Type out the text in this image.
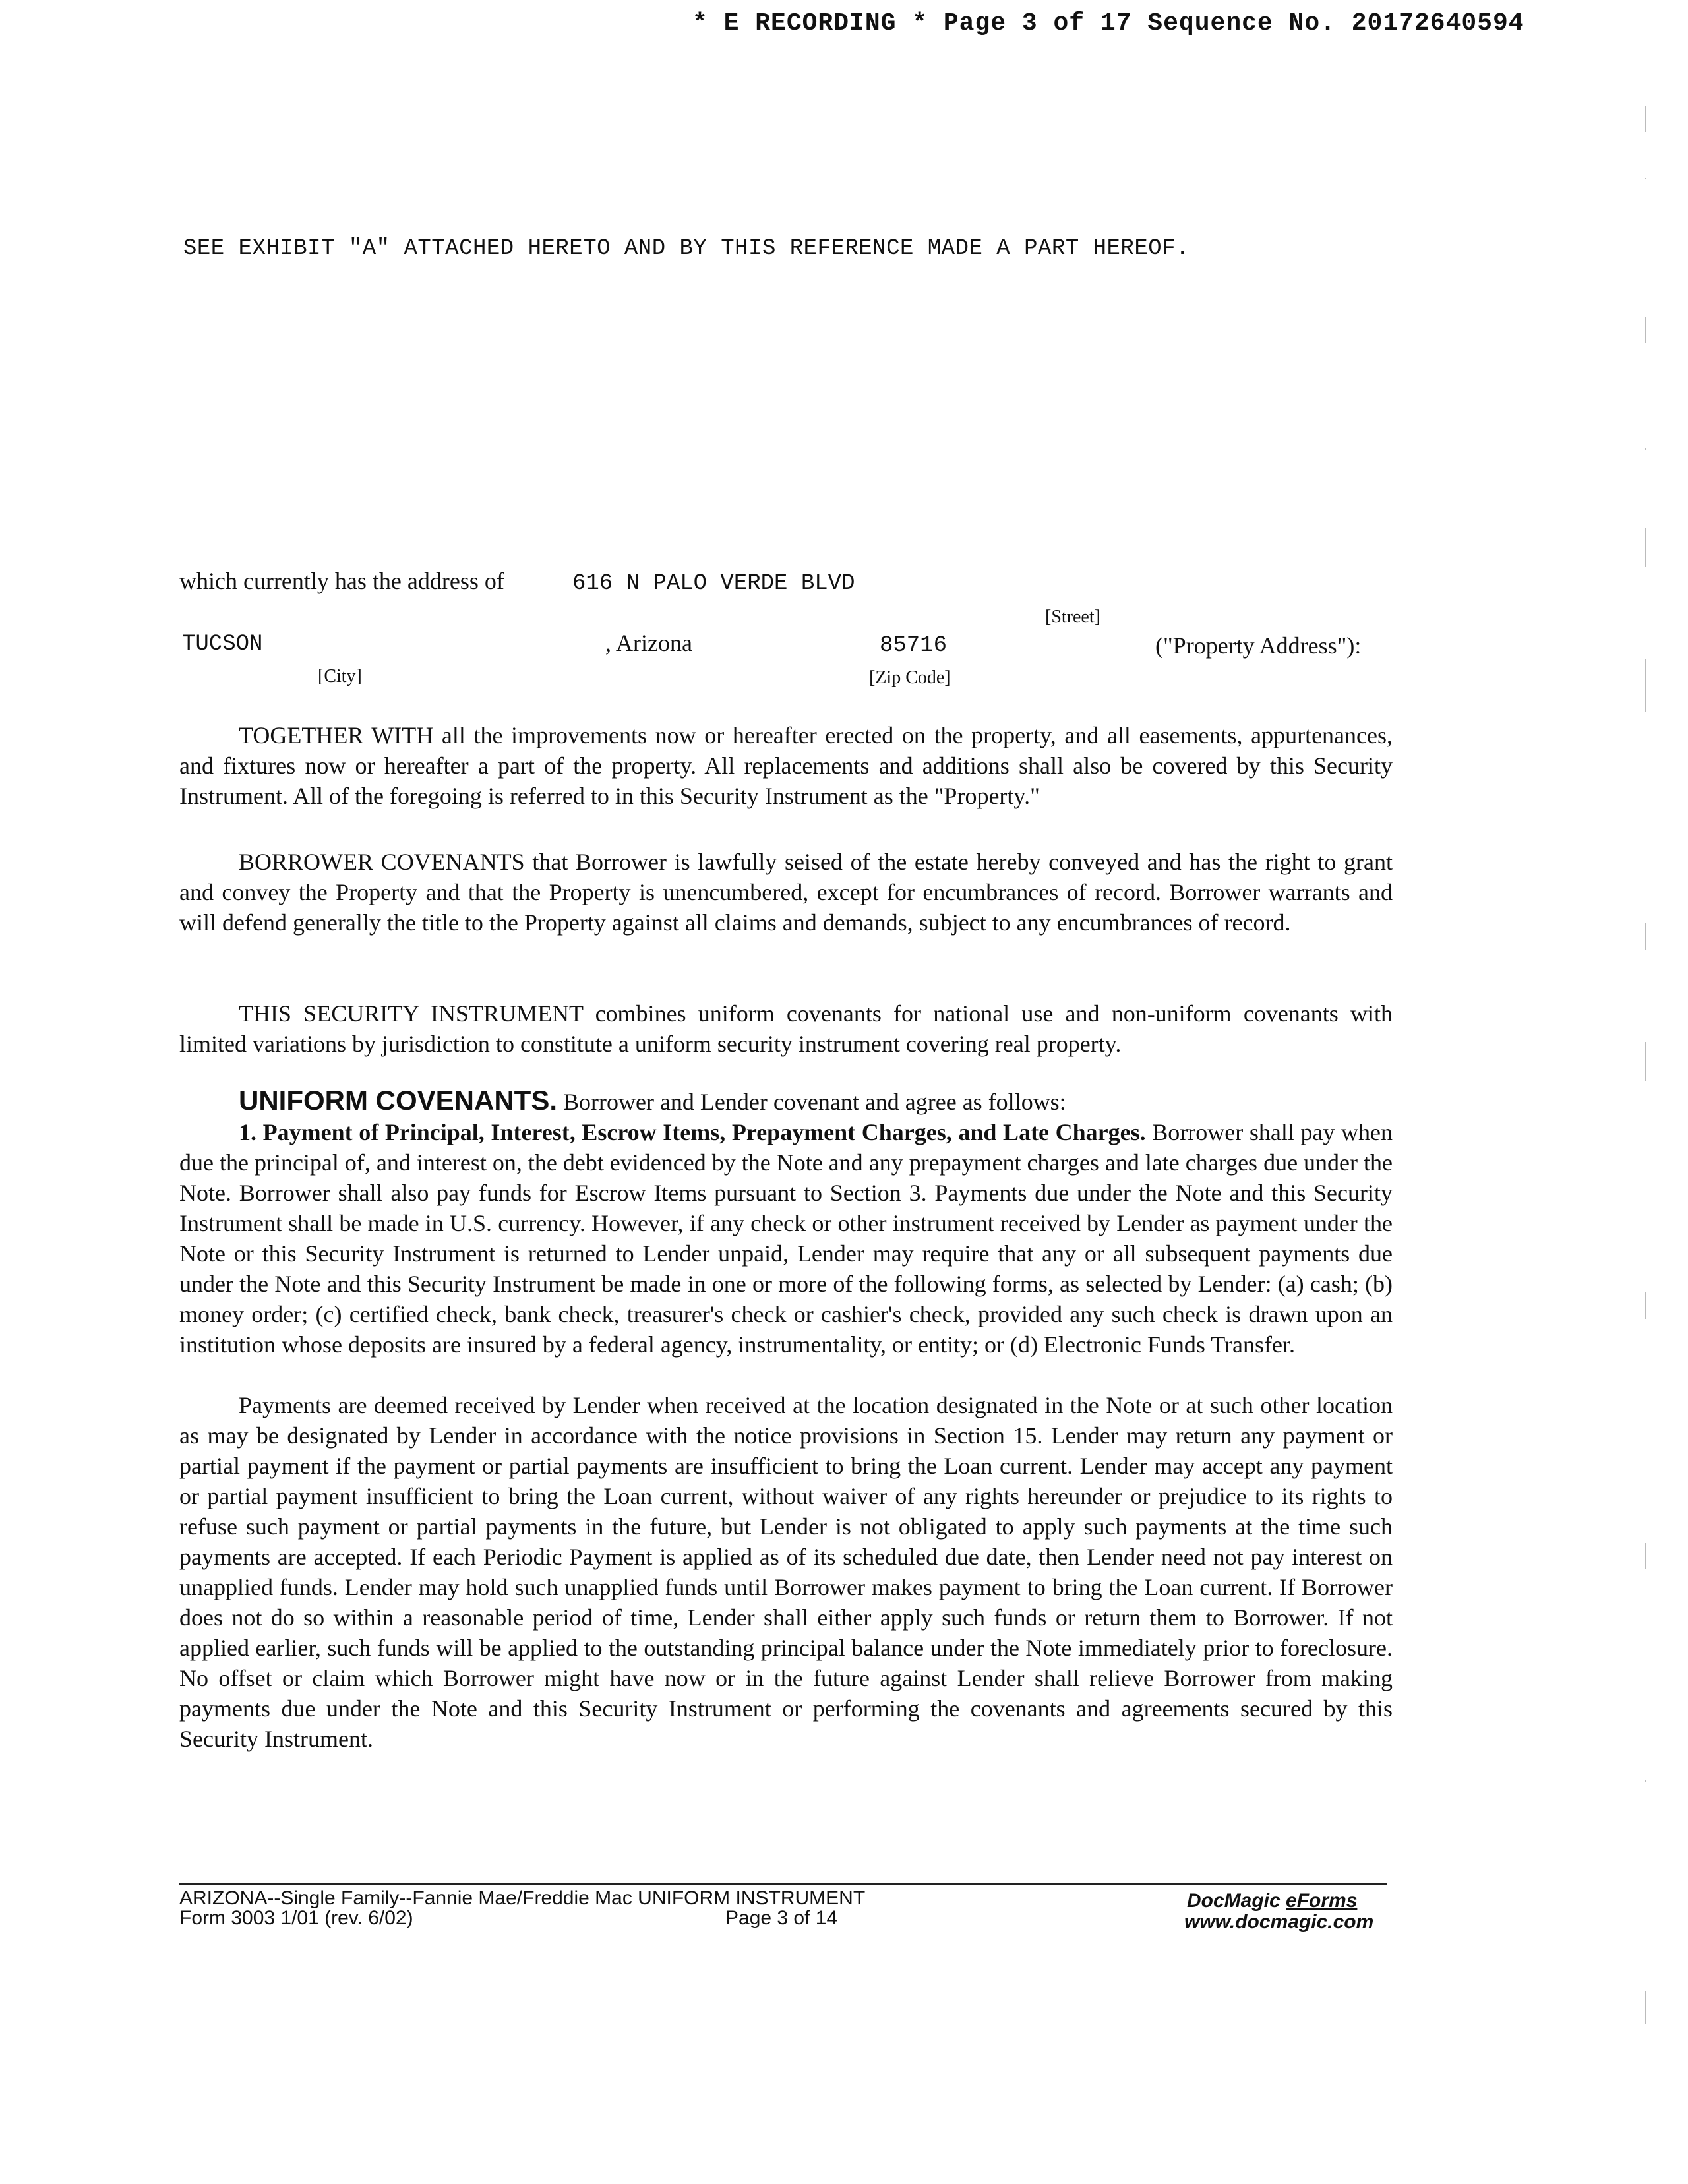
* E RECORDING * Page 3 of 17 Sequence No. 20172640594
SEE EXHIBIT "A" ATTACHED HERETO AND BY THIS REFERENCE MADE A PART HEREOF.
which currently has the address of	616 N PALO VERDE BLVD
[Street]
TUCSON	, Arizona	85716	("Property Address"):
[City]	[Zip Code]

TOGETHER WITH all the improvements now or hereafter erected on the property, and all easements, appurtenances, and fixtures now or hereafter a part of the property. All replacements and additions shall also be covered by this Security Instrument. All of the foregoing is referred to in this Security Instrument as the "Property."

BORROWER COVENANTS that Borrower is lawfully seised of the estate hereby conveyed and has the right to grant and convey the Property and that the Property is unencumbered, except for encumbrances of record. Borrower warrants and will defend generally the title to the Property against all claims and demands, subject to any encumbrances of record.

THIS SECURITY INSTRUMENT combines uniform covenants for national use and non-uniform covenants with limited variations by jurisdiction to constitute a uniform security instrument covering real property.

UNIFORM COVENANTS. Borrower and Lender covenant and agree as follows:

1. Payment of Principal, Interest, Escrow Items, Prepayment Charges, and Late Charges. Borrower shall pay when due the principal of, and interest on, the debt evidenced by the Note and any prepayment charges and late charges due under the Note. Borrower shall also pay funds for Escrow Items pursuant to Section 3. Payments due under the Note and this Security Instrument shall be made in U.S. currency. However, if any check or other instrument received by Lender as payment under the Note or this Security Instrument is returned to Lender unpaid, Lender may require that any or all subsequent payments due under the Note and this Security Instrument be made in one or more of the following forms, as selected by Lender: (a) cash; (b) money order; (c) certified check, bank check, treasurer's check or cashier's check, provided any such check is drawn upon an institution whose deposits are insured by a federal agency, instrumentality, or entity; or (d) Electronic Funds Transfer.

Payments are deemed received by Lender when received at the location designated in the Note or at such other location as may be designated by Lender in accordance with the notice provisions in Section 15. Lender may return any payment or partial payment if the payment or partial payments are insufficient to bring the Loan current. Lender may accept any payment or partial payment insufficient to bring the Loan current, without waiver of any rights hereunder or prejudice to its rights to refuse such payment or partial payments in the future, but Lender is not obligated to apply such payments at the time such payments are accepted. If each Periodic Payment is applied as of its scheduled due date, then Lender need not pay interest on unapplied funds. Lender may hold such unapplied funds until Borrower makes payment to bring the Loan current. If Borrower does not do so within a reasonable period of time, Lender shall either apply such funds or return them to Borrower. If not applied earlier, such funds will be applied to the outstanding principal balance under the Note immediately prior to foreclosure. No offset or claim which Borrower might have now or in the future against Lender shall relieve Borrower from making payments due under the Note and this Security Instrument or performing the covenants and agreements secured by this Security Instrument.

ARIZONA--Single Family--Fannie Mae/Freddie Mac UNIFORM INSTRUMENT
Form 3003 1/01 (rev. 6/02)	Page 3 of 14
DocMagic eForms
www.docmagic.com
